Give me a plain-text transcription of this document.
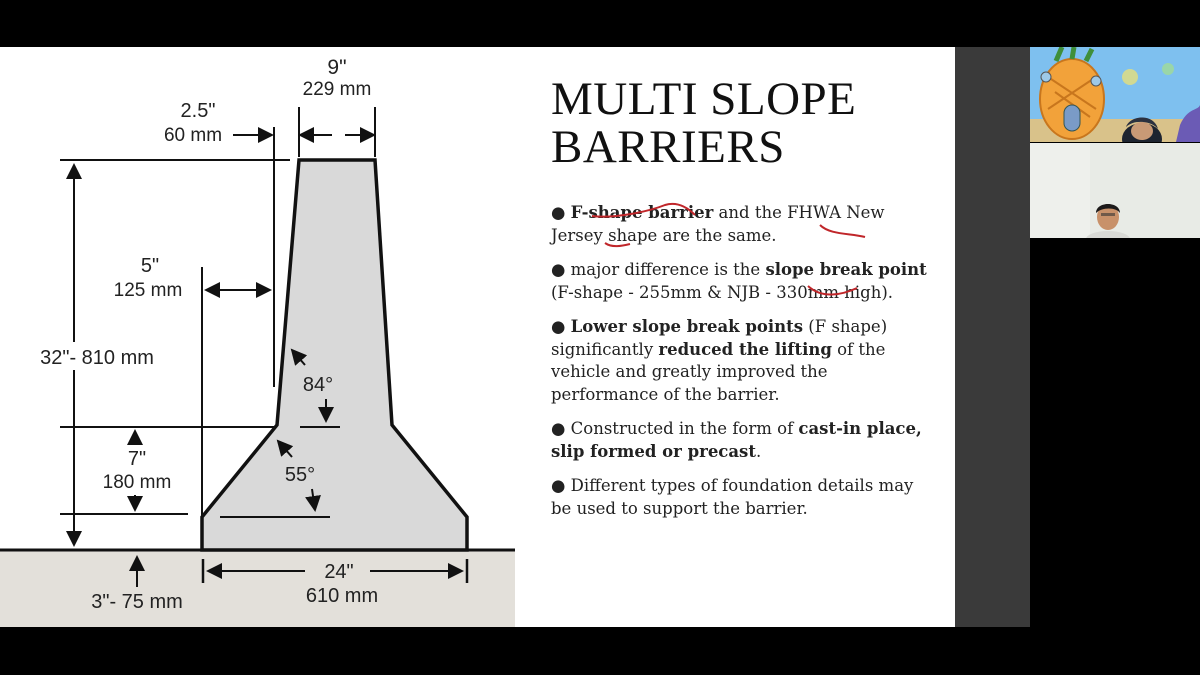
9"
229 mm
2.5"
60 mm
5"
125 mm
32"- 810 mm
7"
180 mm
84°
55°
24"
610 mm
3"- 75 mm
MULTI SLOPE
BARRIERS

● F-shape barrier and the FHWA New Jersey shape are the same.

● major difference is the slope break point (F-shape - 255mm & NJB - 330mm high).

● Lower slope break points (F shape) significantly reduced the lifting of the vehicle and greatly improved the performance of the barrier.

● Constructed in the form of cast-in place, slip formed or precast.

● Different types of foundation details may be used to support the barrier.
